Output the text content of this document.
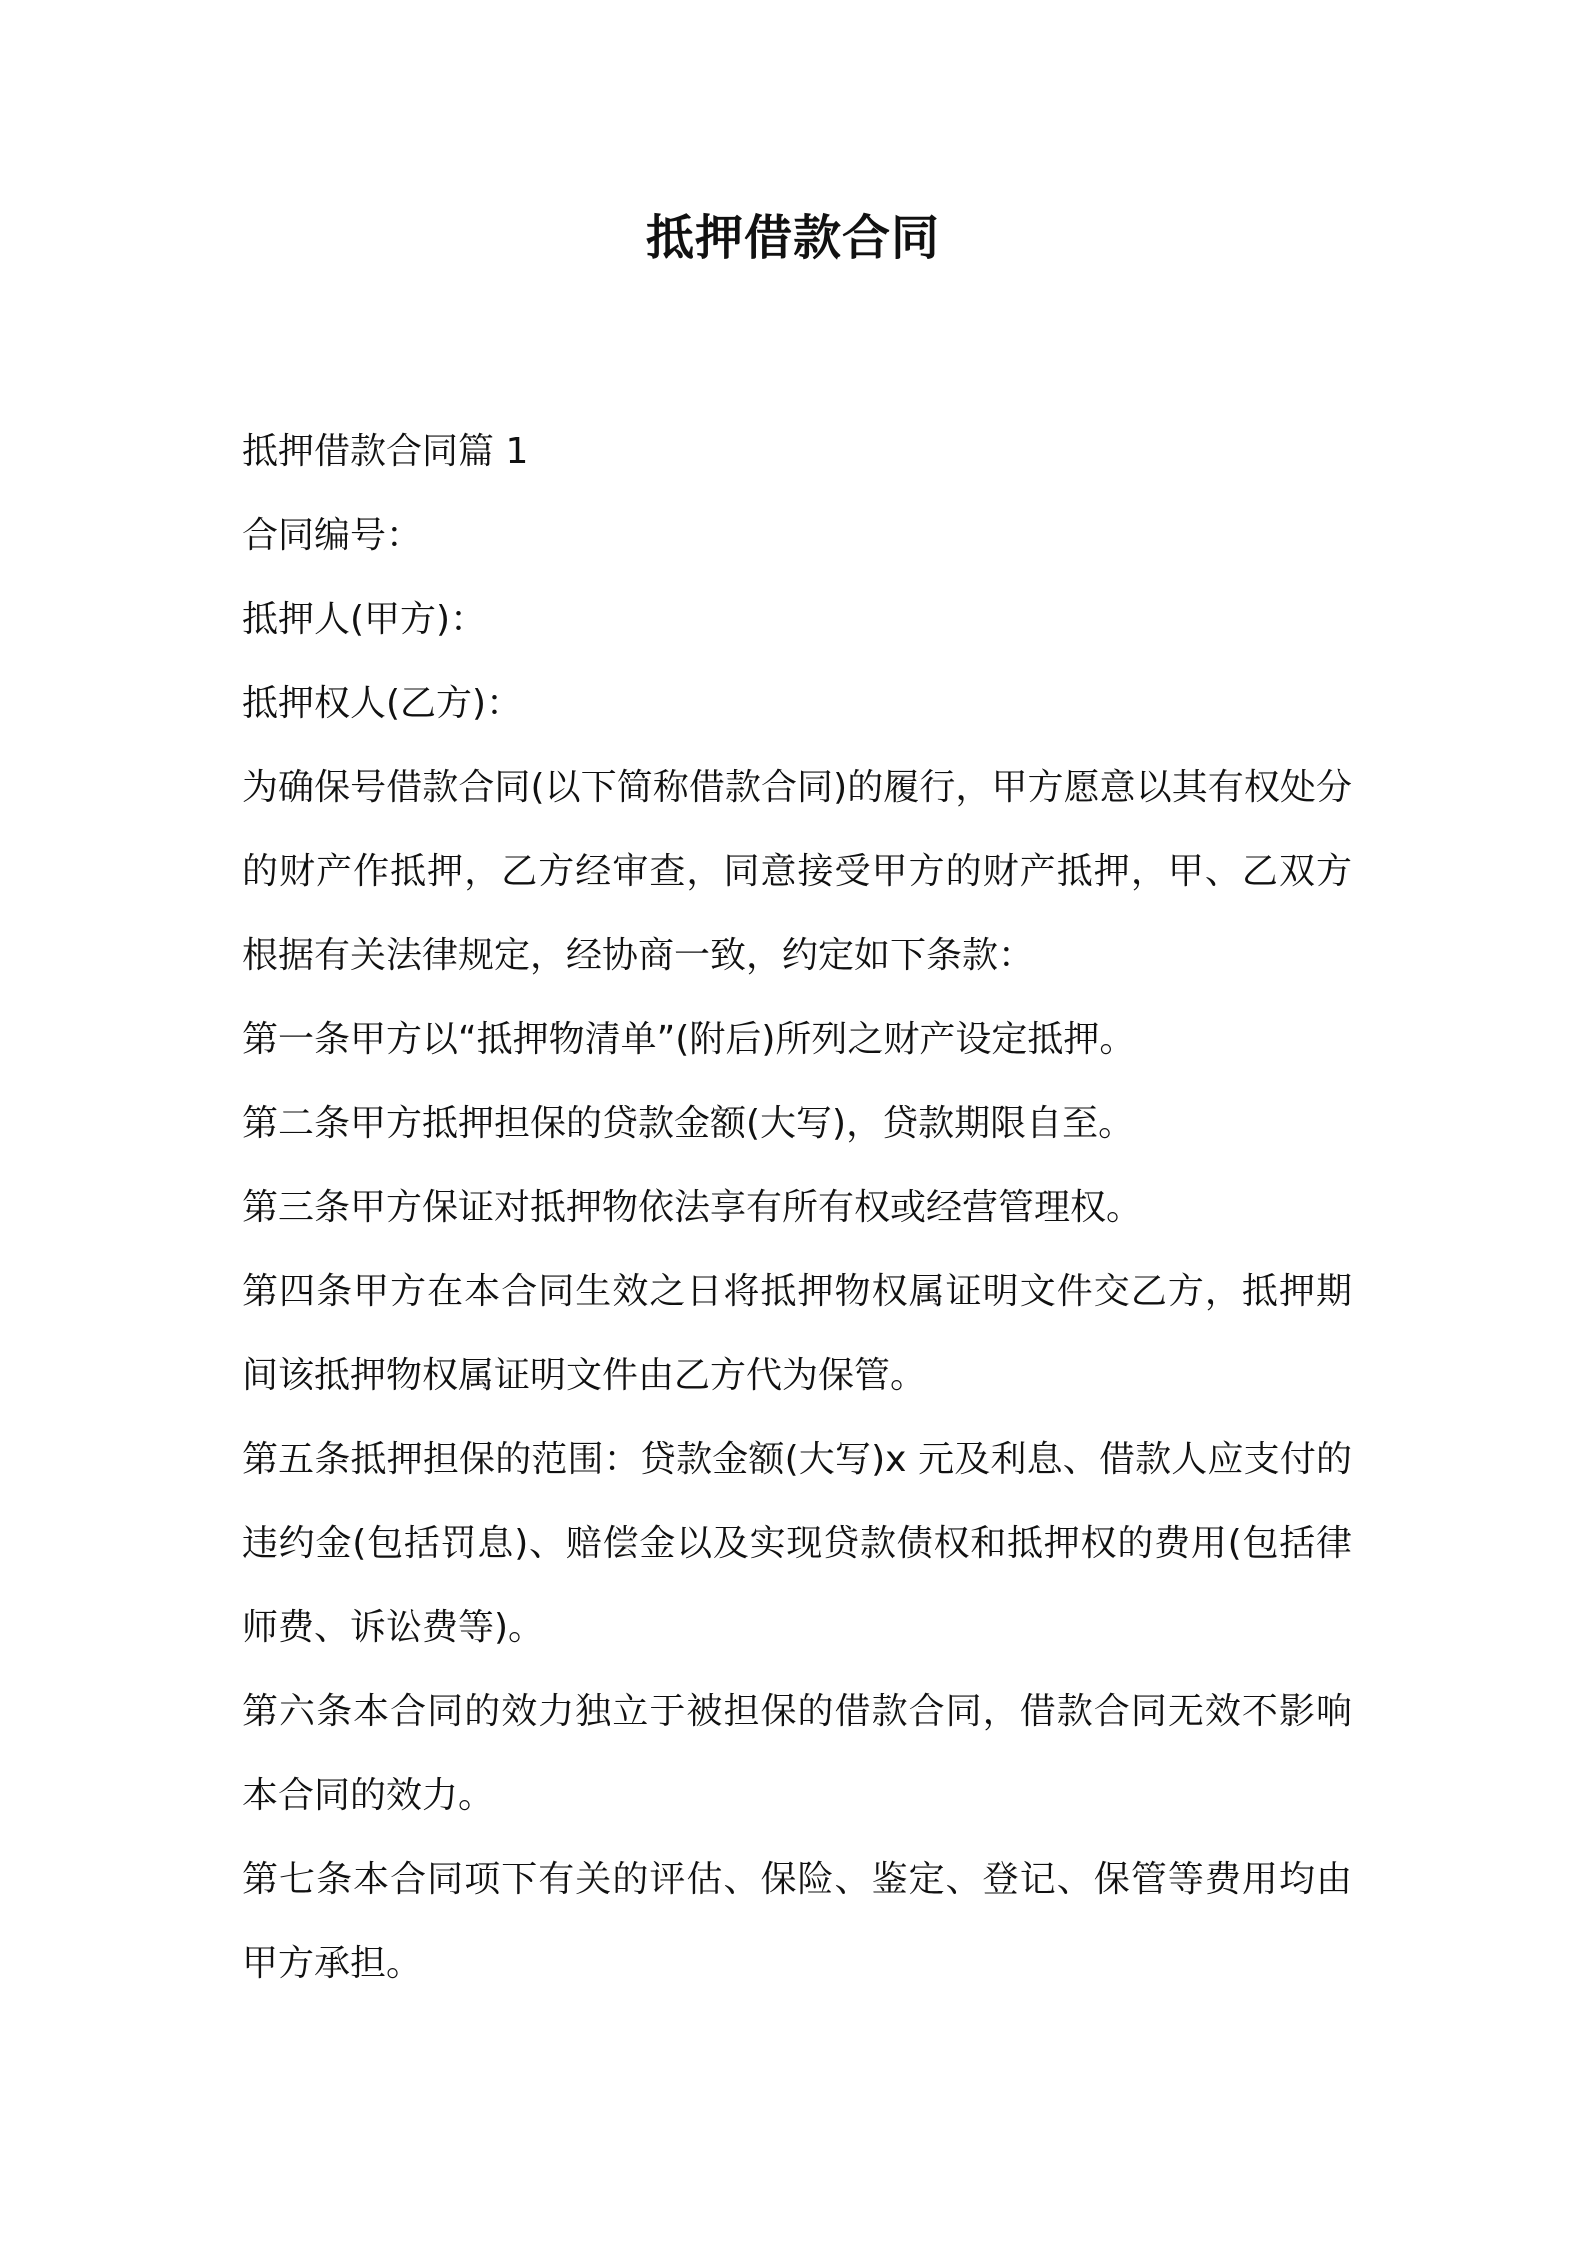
抵押借款合同

抵押借款合同篇 1

合同编号：

抵押人(甲方)：

抵押权人(乙方)：

为确保号借款合同(以下简称借款合同)的履行，甲方愿意以其有权处分的财产作抵押，乙方经审查，同意接受甲方的财产抵押，甲、乙双方根据有关法律规定，经协商一致，约定如下条款：

第一条甲方以“抵押物清单”(附后)所列之财产设定抵押。

第二条甲方抵押担保的贷款金额(大写)，贷款期限自至。

第三条甲方保证对抵押物依法享有所有权或经营管理权。

第四条甲方在本合同生效之日将抵押物权属证明文件交乙方，抵押期间该抵押物权属证明文件由乙方代为保管。

第五条抵押担保的范围：贷款金额(大写)x 元及利息、借款人应支付的违约金(包括罚息)、赔偿金以及实现贷款债权和抵押权的费用(包括律师费、诉讼费等)。

第六条本合同的效力独立于被担保的借款合同，借款合同无效不影响本合同的效力。

第七条本合同项下有关的评估、保险、鉴定、登记、保管等费用均由甲方承担。
